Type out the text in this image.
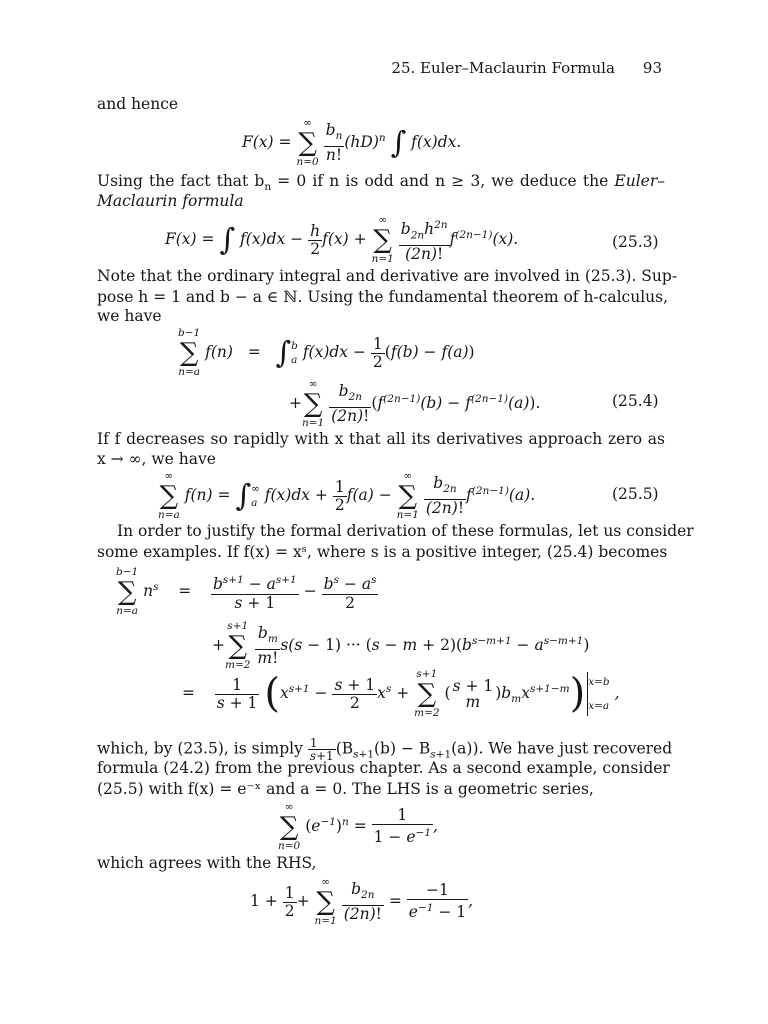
25. Euler–Maclaurin Formula 93
and hence
F(x) =
∞
∑
n=0
$\frac{b_n}{n!} (hD)^n$ ∫ f(x)dx.
Using the fact that $b_n = 0$ if n is odd and n ≥ 3, we deduce the Euler–
Maclaurin formula
F(x) = ∫ $f(x)dx - \frac{h}{2} f(x)$ +
∞
∑
n=1
$\frac{b_{2n}h^{2n}}{(2n)!} f^{(2n-1)}(x)$.	(25.3)
Note that the ordinary integral and derivative are involved in (25.3). Sup-
pose h = 1 and b − a ∈ ℕ. Using the fundamental theorem of h-calculus,
we have
b−1
∑
n=a
f(n)   =   ∫ b
a $f(x)dx - \frac{1}{2} (f(b) - f(a))$
+
∞
∑
n=1
$\frac{b_{2n}}{(2n)!} (f^{(2n-1)}(b) - f^{(2n-1)}(a))$.	(25.4)
If f decreases so rapidly with x that all its derivatives approach zero as
x → ∞, we have
∞
∑
n=a
f(n) = ∫ ∞
a $f(x)dx + \frac{1}{2} f(a)$ −
∞
∑
n=1
$\frac{b_{2n}}{(2n)!} f^{(2n-1)}(a)$.	(25.5)
In order to justify the formal derivation of these formulas, let us consider
some examples. If f(x) = xˢ, where s is a positive integer, (25.4) becomes
b−1
∑
n=a
$n^s$    = $\frac{b^{s+1} - a^{s+1}}{s + 1} - \frac{b^s - a^s}{2}$
+
s+1
∑
m=2
$\frac{b_m}{m!} s(s - 1)$ ··· $(s - m + 2)(b^{s-m+1} - a^{s-m+1})$
= $\frac{1}{s + 1} (x^{s+1} - \frac{s + 1}{2} x^s$ +
s+1
∑
m=2
( s + 1
m )$b_mx^{s+1-m}$) x=b
x=a
,
which, by (23.5), is simply $\frac{1}{s+1} (B_{s+1}(b) - B_{s+1}(a))$. We have just recovered
formula (24.2) from the previous chapter. As a second example, consider
(25.5) with f(x) = e⁻ˣ and a = 0. The LHS is a geometric series,
∞
∑
n=0
$(e^{-1})^n = \frac{1}{1 - e^{-1}}$ ,
which agrees with the RHS,
$1 + \frac{1}{2}$ +
∞
∑
n=1
$\frac{b_{2n}}{(2n)!} = \frac{-1}{e^{-1} - 1}$ ,
